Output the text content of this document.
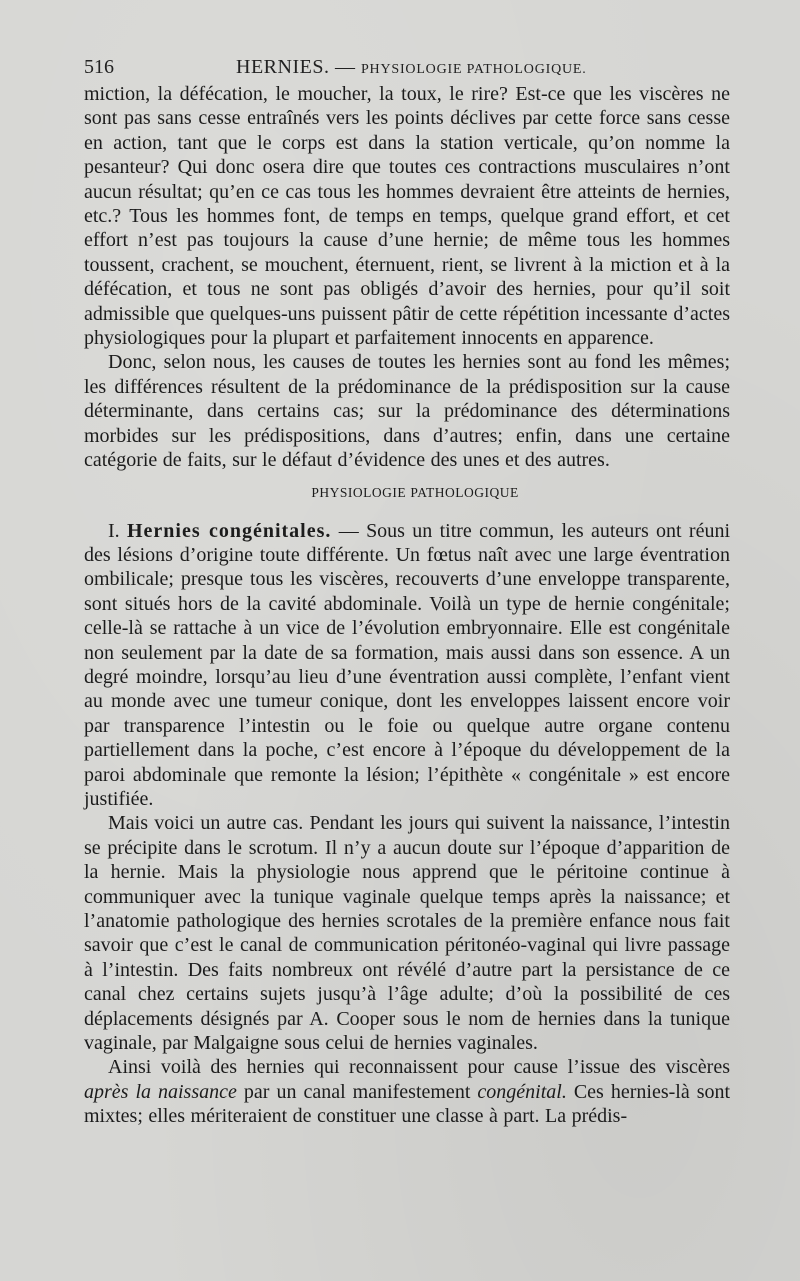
516	HERNIES. — PHYSIOLOGIE PATHOLOGIQUE.

miction, la défécation, le moucher, la toux, le rire? Est-ce que les viscères ne sont pas sans cesse entraînés vers les points déclives par cette force sans cesse en action, tant que le corps est dans la station verticale, qu’on nomme la pesanteur? Qui donc osera dire que toutes ces contractions musculaires n’ont aucun résultat; qu’en ce cas tous les hommes devraient être atteints de hernies, etc.? Tous les hommes font, de temps en temps, quelque grand effort, et cet effort n’est pas toujours la cause d’une hernie; de même tous les hommes toussent, crachent, se mouchent, éternuent, rient, se livrent à la miction et à la défécation, et tous ne sont pas obligés d’avoir des hernies, pour qu’il soit admissible que quelques-uns puissent pâtir de cette répétition incessante d’actes physiologiques pour la plupart et parfaitement innocents en apparence.

Donc, selon nous, les causes de toutes les hernies sont au fond les mêmes; les différences résultent de la prédominance de la prédisposition sur la cause déterminante, dans certains cas; sur la prédominance des déterminations morbides sur les prédispositions, dans d’autres; enfin, dans une certaine catégorie de faits, sur le défaut d’évidence des unes et des autres.

PHYSIOLOGIE PATHOLOGIQUE

I. Hernies congénitales. — Sous un titre commun, les auteurs ont réuni des lésions d’origine toute différente. Un fœtus naît avec une large éventration ombilicale; presque tous les viscères, recouverts d’une enveloppe transparente, sont situés hors de la cavité abdominale. Voilà un type de hernie congénitale; celle-là se rattache à un vice de l’évolution embryonnaire. Elle est congénitale non seulement par la date de sa formation, mais aussi dans son essence. A un degré moindre, lorsqu’au lieu d’une éventration aussi complète, l’enfant vient au monde avec une tumeur conique, dont les enveloppes laissent encore voir par transparence l’intestin ou le foie ou quelque autre organe contenu partiellement dans la poche, c’est encore à l’époque du développement de la paroi abdominale que remonte la lésion; l’épithète « congénitale » est encore justifiée.

Mais voici un autre cas. Pendant les jours qui suivent la naissance, l’intestin se précipite dans le scrotum. Il n’y a aucun doute sur l’époque d’apparition de la hernie. Mais la physiologie nous apprend que le péritoine continue à communiquer avec la tunique vaginale quelque temps après la naissance; et l’anatomie pathologique des hernies scrotales de la première enfance nous fait savoir que c’est le canal de communication péritonéo-vaginal qui livre passage à l’intestin. Des faits nombreux ont révélé d’autre part la persistance de ce canal chez certains sujets jusqu’à l’âge adulte; d’où la possibilité de ces déplacements désignés par A. Cooper sous le nom de hernies dans la tunique vaginale, par Malgaigne sous celui de hernies vaginales.

Ainsi voilà des hernies qui reconnaissent pour cause l’issue des viscères après la naissance par un canal manifestement congénital. Ces hernies-là sont mixtes; elles mériteraient de constituer une classe à part. La prédis-
